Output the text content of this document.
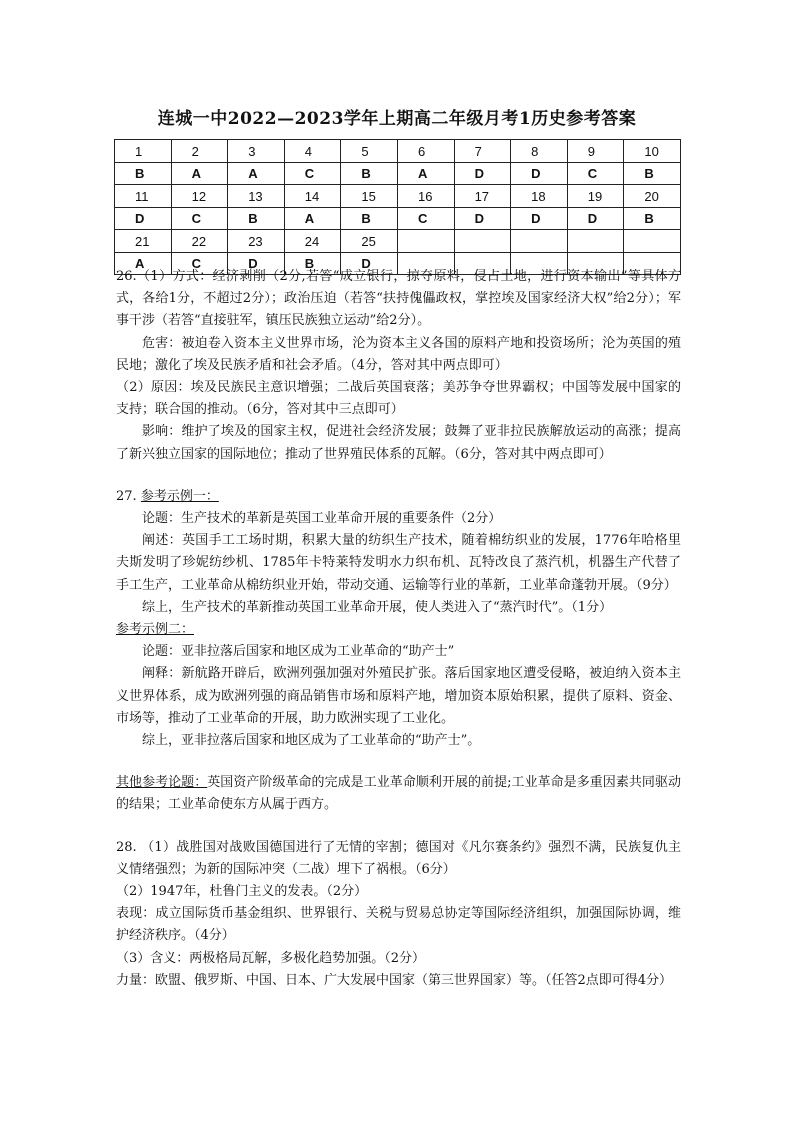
连城一中2022—2023学年上期高二年级月考1历史参考答案
1	2	3	4	5	6	7	8	9	10
B	A	A	C	B	A	D	D	C	B
11	12	13	14	15	16	17	18	19	20
D	C	B	A	B	C	D	D	D	B
21	22	23	24	25					
A	C	D	B	D					

26.（1）方式：经济剥削（2分,若答“成立银行，掠夺原料，侵占土地，进行资本输出”等具体方式，各给1分，不超过2分）；政治压迫（若答“扶持傀儡政权，掌控埃及国家经济大权”给2分）；军事干涉（若答“直接驻军，镇压民族独立运动”给2分）。

危害：被迫卷入资本主义世界市场，沦为资本主义各国的原料产地和投资场所；沦为英国的殖民地；激化了埃及民族矛盾和社会矛盾。（4分，答对其中两点即可）

（2）原因：埃及民族民主意识增强；二战后英国衰落；美苏争夺世界霸权；中国等发展中国家的支持；联合国的推动。（6分，答对其中三点即可）

影响：维护了埃及的国家主权，促进社会经济发展；鼓舞了亚非拉民族解放运动的高涨；提高了新兴独立国家的国际地位；推动了世界殖民体系的瓦解。（6分，答对其中两点即可）

27. 参考示例一：

论题：生产技术的革新是英国工业革命开展的重要条件（2分）

阐述：英国手工工场时期，积累大量的纺织生产技术，随着棉纺织业的发展，1776年哈格里夫斯发明了珍妮纺纱机、1785年卡特莱特发明水力织布机、瓦特改良了蒸汽机，机器生产代替了手工生产，工业革命从棉纺织业开始，带动交通、运输等行业的革新，工业革命蓬勃开展。（9分）

综上，生产技术的革新推动英国工业革命开展，使人类进入了“蒸汽时代”。（1分）

参考示例二：

论题：亚非拉落后国家和地区成为工业革命的“助产士”

阐释：新航路开辟后，欧洲列强加强对外殖民扩张。落后国家地区遭受侵略，被迫纳入资本主义世界体系，成为欧洲列强的商品销售市场和原料产地，增加资本原始积累，提供了原料、资金、市场等，推动了工业革命的开展，助力欧洲实现了工业化。

综上，亚非拉落后国家和地区成为了工业革命的“助产士”。

其他参考论题：英国资产阶级革命的完成是工业革命顺利开展的前提;工业革命是多重因素共同驱动的结果；工业革命使东方从属于西方。

28. （1）战胜国对战败国德国进行了无情的宰割；德国对《凡尔赛条约》强烈不满，民族复仇主义情绪强烈；为新的国际冲突（二战）埋下了祸根。（6分）

（2）1947年，杜鲁门主义的发表。（2分）

表现：成立国际货币基金组织、世界银行、关税与贸易总协定等国际经济组织，加强国际协调，维护经济秩序。（4分）

（3）含义：两极格局瓦解，多极化趋势加强。（2分）

力量：欧盟、俄罗斯、中国、日本、广大发展中国家（第三世界国家）等。（任答2点即可得4分）
